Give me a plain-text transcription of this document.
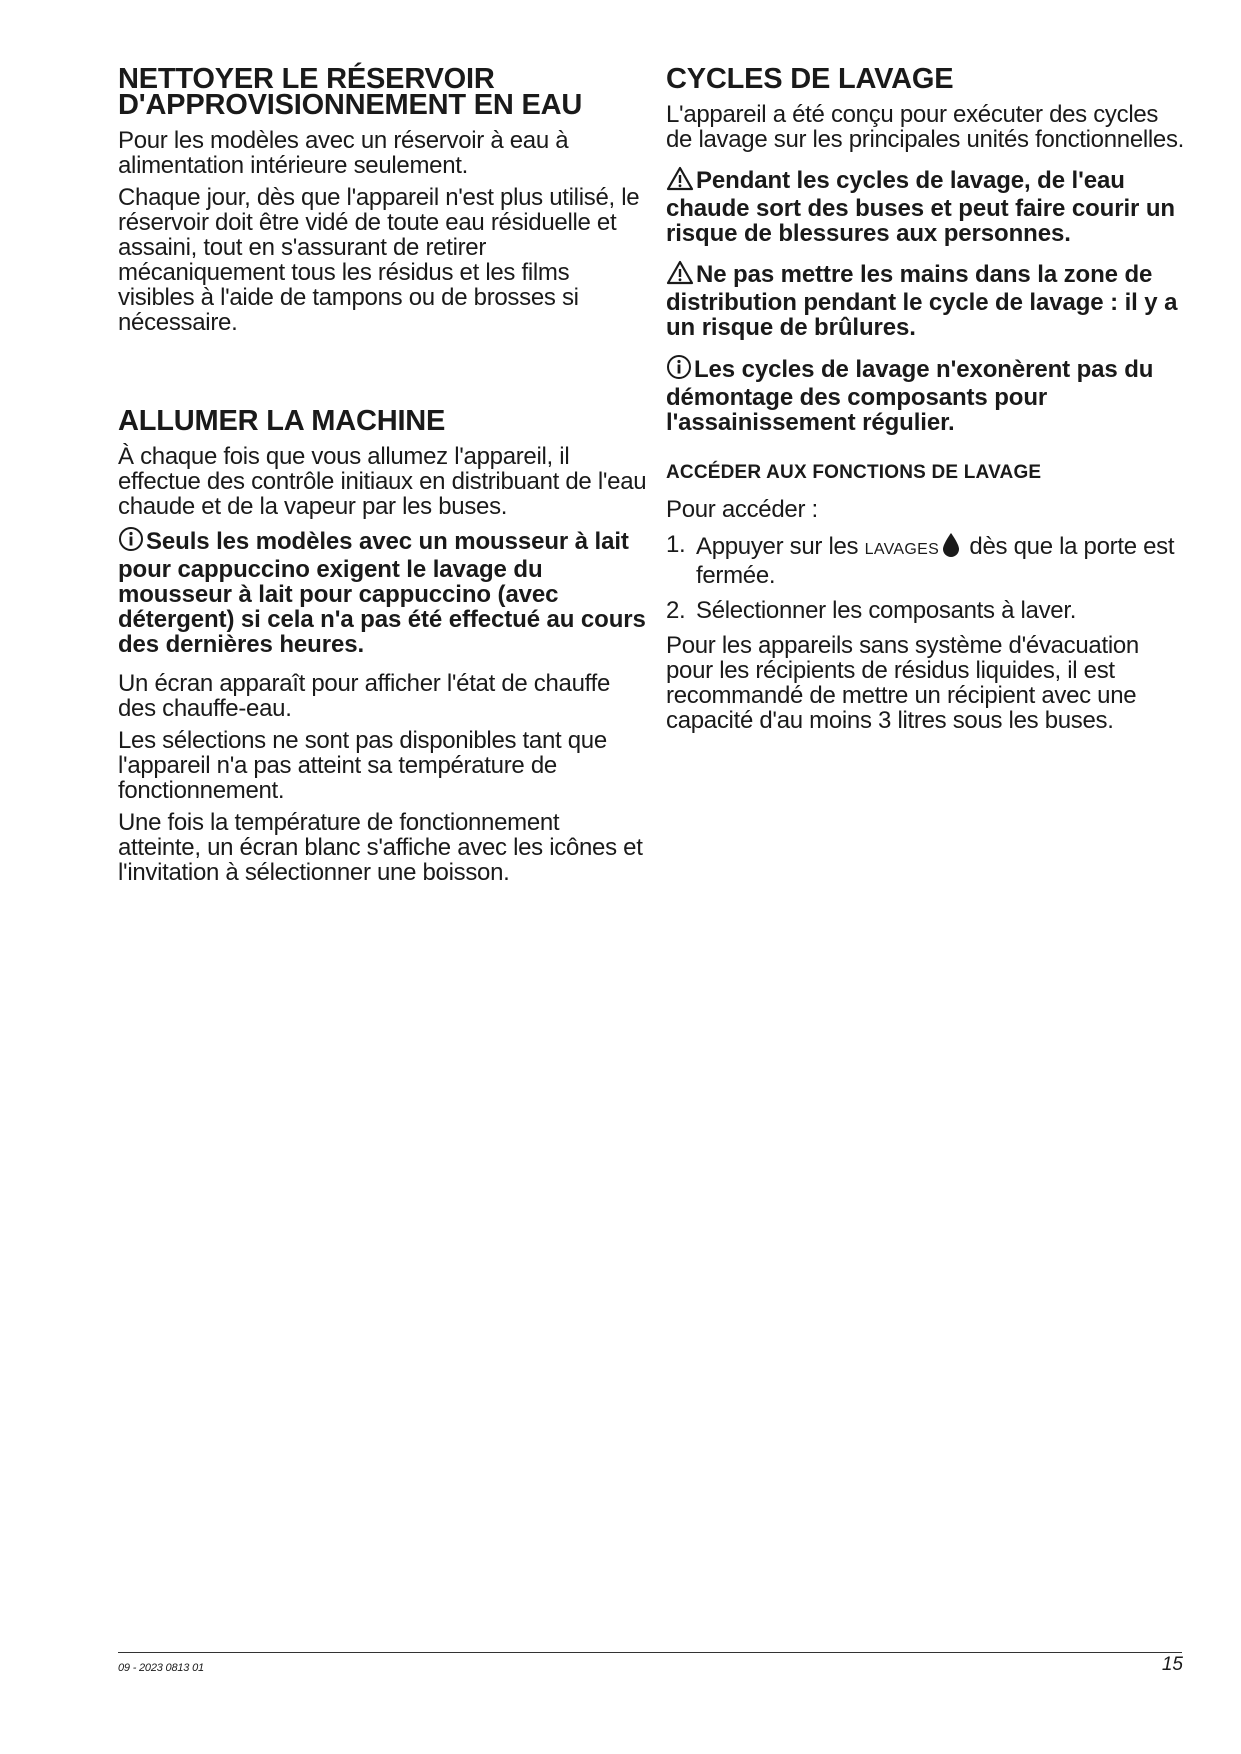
NETTOYER LE RÉSERVOIR
D'APPROVISIONNEMENT EN EAU

Pour les modèles avec un réservoir à eau à alimentation intérieure seulement.

Chaque jour, dès que l'appareil n'est plus utilisé, le réservoir doit être vidé de toute eau résiduelle et assaini, tout en s'assurant de retirer mécaniquement tous les résidus et les films visibles à l'aide de tampons ou de brosses si nécessaire.

ALLUMER LA MACHINE

À chaque fois que vous allumez l'appareil, il effectue des contrôle initiaux en distribuant de l'eau chaude et de la vapeur par les buses.

Seuls les modèles avec un mousseur à lait pour cappuccino exigent le lavage du mousseur à lait pour cappuccino (avec détergent) si cela n'a pas été effectué au cours des dernières heures.

Un écran apparaît pour afficher l'état de chauffe des chauffe-eau.

Les sélections ne sont pas disponibles tant que l'appareil n'a pas atteint sa température de fonctionnement.

Une fois la température de fonctionnement atteinte, un écran blanc s'affiche avec les icônes et l'invitation à sélectionner une boisson.

CYCLES DE LAVAGE

L'appareil a été conçu pour exécuter des cycles de lavage sur les principales unités fonctionnelles.

Pendant les cycles de lavage, de l'eau chaude sort des buses et peut faire courir un risque de blessures aux personnes.

Ne pas mettre les mains dans la zone de distribution pendant le cycle de lavage : il y a un risque de brûlures.

Les cycles de lavage n'exonèrent pas du démontage des composants pour l'assainissement régulier.

ACCÉDER AUX FONCTIONS DE LAVAGE

Pour accéder :

1. Appuyer sur les LAVAGES dès que la porte est fermée.
2. Sélectionner les composants à laver.

Pour les appareils sans système d'évacuation pour les récipients de résidus liquides, il est recommandé de mettre un récipient avec une capacité d'au moins 3 litres sous les buses.

09 - 2023 0813 01	15
